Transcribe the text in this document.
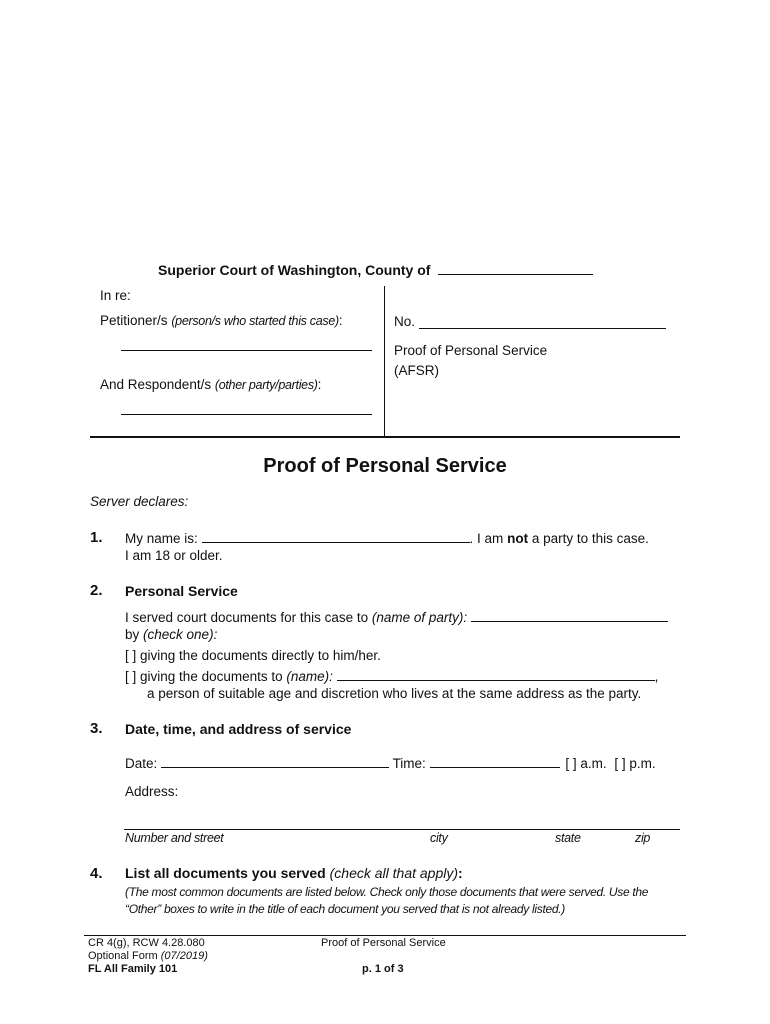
Superior Court of Washington, County of
In re:
Petitioner/s (person/s who started this case):
And Respondent/s (other party/parties):
No.
Proof of Personal Service
(AFSR)
Proof of Personal Service
Server declares:
1. My name is:	. I am not a party to this case.
I am 18 or older.
2. Personal Service
I served court documents for this case to (name of party):
by (check one):
[ ] giving the documents directly to him/her.
[ ] giving the documents to (name):	,
a person of suitable age and discretion who lives at the same address as the party.
3. Date, time, and address of service
Date:	Time:	[ ] a.m. [ ] p.m.
Address:
Number and street	city	state	zip
4. List all documents you served (check all that apply):
(The most common documents are listed below. Check only those documents that were served. Use the “Other” boxes to write in the title of each document you served that is not already listed.)
CR 4(g), RCW 4.28.080
Optional Form (07/2019)
FL All Family 101
Proof of Personal Service
p. 1 of 3
